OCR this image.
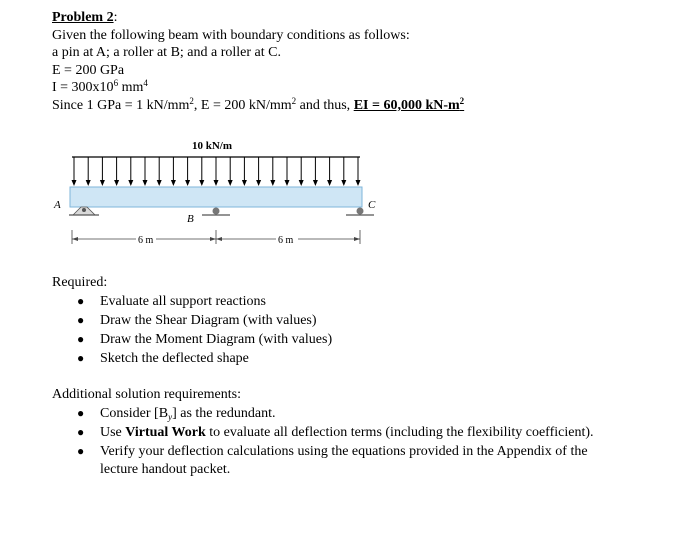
Problem 2:
Given the following beam with boundary conditions as follows:
a pin at A; a roller at B; and a roller at C.
E = 200 GPa
$I = 300x10^6$ $mm^4$
Since 1 GPa = 1 $kN/mm^2$, E = 200 $kN/mm^2$ and thus, EI = 60,000 $kN-m^2$
10 kN/m
A
B
C
6 m	6 m
Required:
● Evaluate all support reactions
● Draw the Shear Diagram (with values)
● Draw the Moment Diagram (with values)
● Sketch the deflected shape
Additional solution requirements:
● Consider $[B_y]$ as the redundant.
● Use Virtual Work to evaluate all deflection terms (including the flexibility coefficient).
● Verify your deflection calculations using the equations provided in the Appendix of the
lecture handout packet.
